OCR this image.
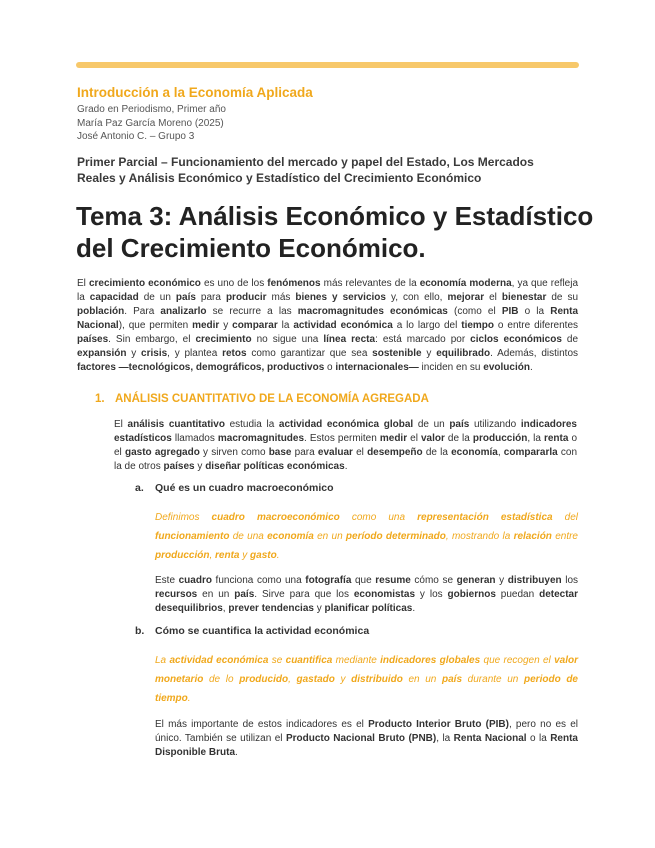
Introducción a la Economía Aplicada

Grado en Periodismo, Primer año

María Paz García Moreno (2025)

José Antonio C. – Grupo 3

Primer Parcial – Funcionamiento del mercado y papel del Estado, Los Mercados
Reales y Análisis Económico y Estadístico del Crecimiento Económico

Tema 3: Análisis Económico y Estadístico
del Crecimiento Económico.

El crecimiento económico es uno de los fenómenos más relevantes de la economía moderna, ya que refleja la capacidad de un país para producir más bienes y servicios y, con ello, mejorar el bienestar de su población. Para analizarlo se recurre a las macromagnitudes económicas (como el PIB o la Renta Nacional), que permiten medir y comparar la actividad económica a lo largo del tiempo o entre diferentes países. Sin embargo, el crecimiento no sigue una línea recta: está marcado por ciclos económicos de expansión y crisis, y plantea retos como garantizar que sea sostenible y equilibrado. Además, distintos factores —tecnológicos, demográficos, productivos o internacionales— inciden en su evolución.

1. ANÁLISIS CUANTITATIVO DE LA ECONOMÍA AGREGADA

El análisis cuantitativo estudia la actividad económica global de un país utilizando indicadores estadísticos llamados macromagnitudes. Estos permiten medir el valor de la producción, la renta o el gasto agregado y sirven como base para evaluar el desempeño de la economía, compararla con la de otros países y diseñar políticas económicas.

a. Qué es un cuadro macroeconómico

Definimos cuadro macroeconómico como una representación estadística del funcionamiento de una economía en un período determinado, mostrando la relación entre producción, renta y gasto.

Este cuadro funciona como una fotografía que resume cómo se generan y distribuyen los recursos en un país. Sirve para que los economistas y los gobiernos puedan detectar desequilibrios, prever tendencias y planificar políticas.

b. Cómo se cuantifica la actividad económica

La actividad económica se cuantifica mediante indicadores globales que recogen el valor monetario de lo producido, gastado y distribuido en un país durante un periodo de tiempo.

El más importante de estos indicadores es el Producto Interior Bruto (PIB), pero no es el único. También se utilizan el Producto Nacional Bruto (PNB), la Renta Nacional o la Renta Disponible Bruta.
